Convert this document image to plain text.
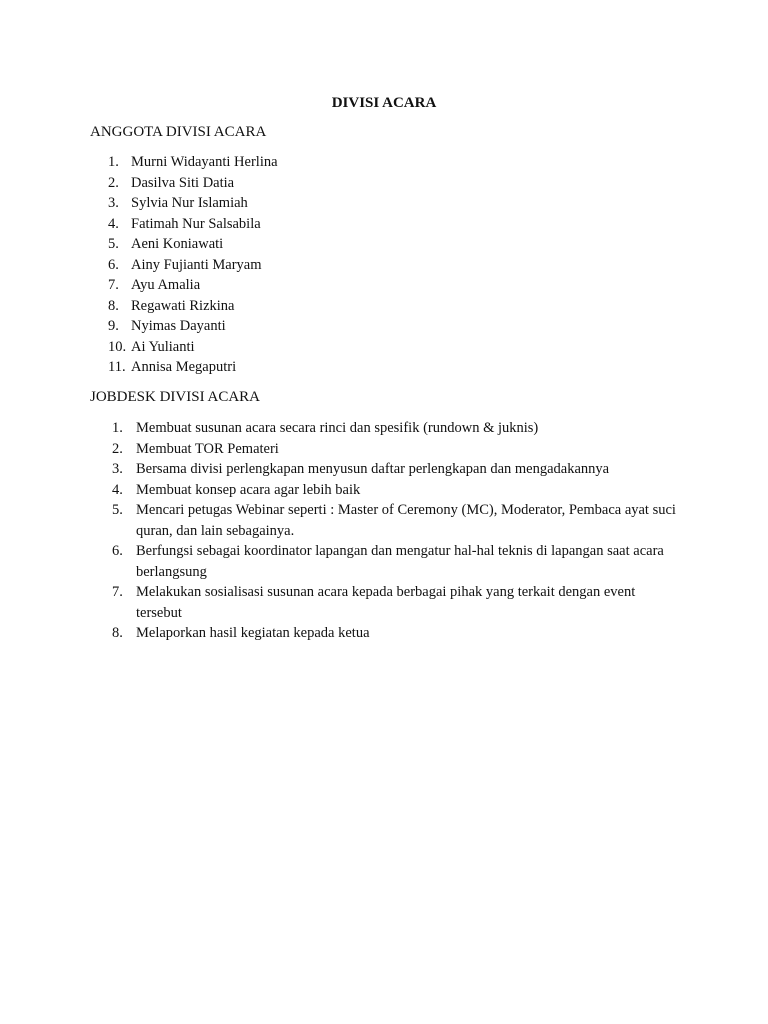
DIVISI ACARA
ANGGOTA DIVISI ACARA
1. Murni Widayanti Herlina
2. Dasilva Siti Datia
3. Sylvia Nur Islamiah
4. Fatimah Nur Salsabila
5. Aeni Koniawati
6. Ainy Fujianti Maryam
7. Ayu Amalia
8. Regawati Rizkina
9. Nyimas Dayanti
10. Ai Yulianti
11. Annisa Megaputri
JOBDESK DIVISI ACARA
1. Membuat susunan acara secara rinci dan spesifik (rundown & juknis)
2. Membuat TOR Pemateri
3. Bersama divisi perlengkapan menyusun daftar perlengkapan dan mengadakannya
4. Membuat konsep acara agar lebih baik
5. Mencari petugas Webinar seperti : Master of Ceremony (MC), Moderator, Pembaca ayat suci quran, dan lain sebagainya.
6. Berfungsi sebagai koordinator lapangan dan mengatur hal-hal teknis di lapangan saat acara berlangsung
7. Melakukan sosialisasi susunan acara kepada berbagai pihak yang terkait dengan event tersebut
8. Melaporkan hasil kegiatan kepada ketua
